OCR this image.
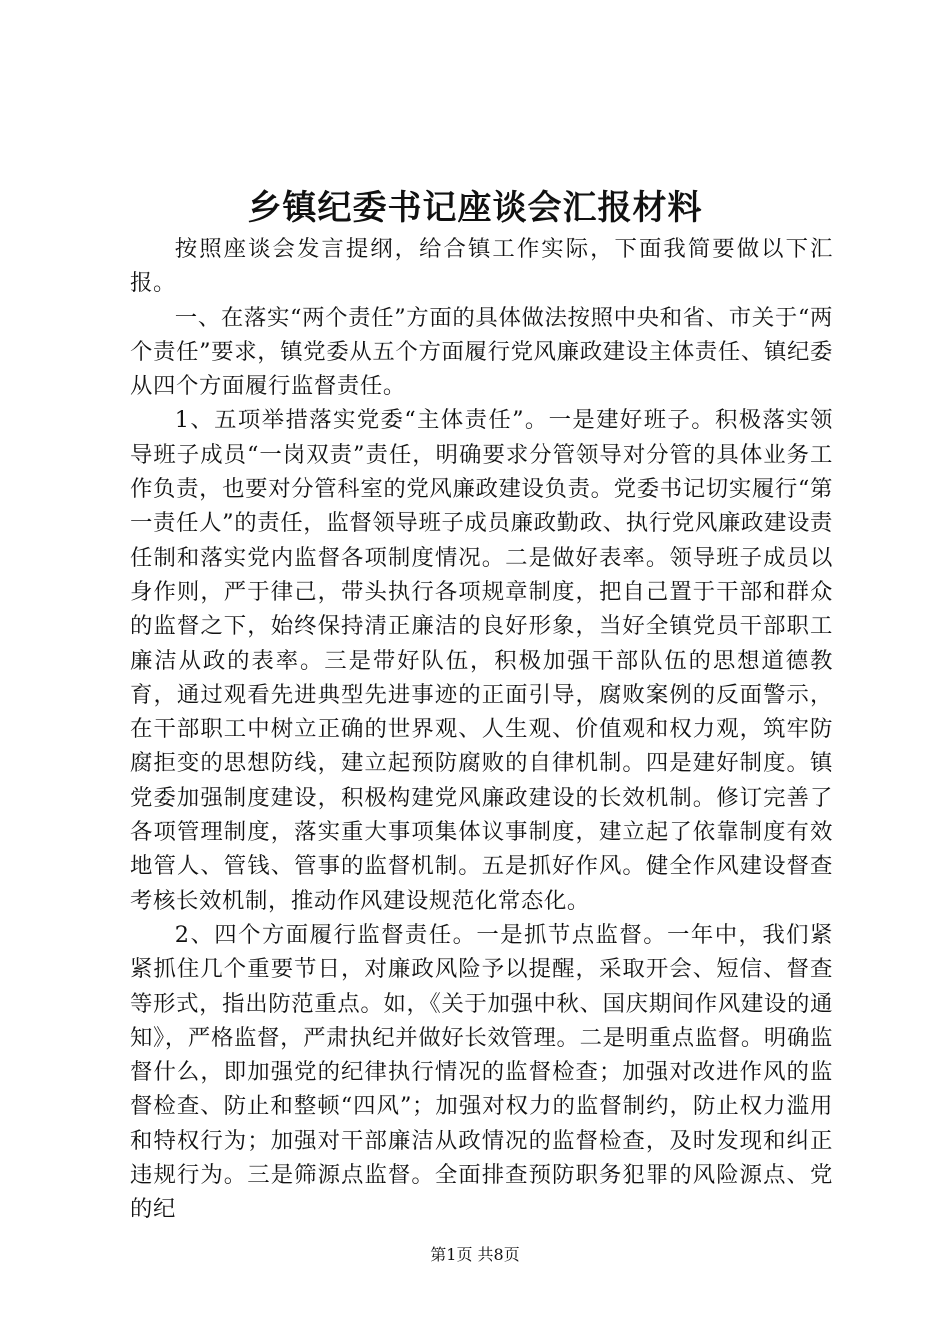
乡镇纪委书记座谈会汇报材料

按照座谈会发言提纲，给合镇工作实际，下面我简要做以下汇报。

一、在落实“两个责任”方面的具体做法按照中央和省、市关于“两个责任”要求，镇党委从五个方面履行党风廉政建设主体责任、镇纪委从四个方面履行监督责任。

1、五项举措落实党委“主体责任”。一是建好班子。积极落实领导班子成员“一岗双责”责任，明确要求分管领导对分管的具体业务工作负责，也要对分管科室的党风廉政建设负责。党委书记切实履行“第一责任人”的责任，监督领导班子成员廉政勤政、执行党风廉政建设责任制和落实党内监督各项制度情况。二是做好表率。领导班子成员以身作则，严于律己，带头执行各项规章制度，把自己置于干部和群众的监督之下，始终保持清正廉洁的良好形象，当好全镇党员干部职工廉洁从政的表率。三是带好队伍，积极加强干部队伍的思想道德教育，通过观看先进典型先进事迹的正面引导，腐败案例的反面警示，在干部职工中树立正确的世界观、人生观、价值观和权力观，筑牢防腐拒变的思想防线，建立起预防腐败的自律机制。四是建好制度。镇党委加强制度建设，积极构建党风廉政建设的长效机制。修订完善了各项管理制度，落实重大事项集体议事制度，建立起了依靠制度有效地管人、管钱、管事的监督机制。五是抓好作风。健全作风建设督查考核长效机制，推动作风建设规范化常态化。

2、四个方面履行监督责任。一是抓节点监督。一年中，我们紧紧抓住几个重要节日，对廉政风险予以提醒，采取开会、短信、督查等形式，指出防范重点。如，《关于加强中秋、国庆期间作风建设的通知》，严格监督，严肃执纪并做好长效管理。二是明重点监督。明确监督什么，即加强党的纪律执行情况的监督检查；加强对改进作风的监督检查、防止和整顿“四风”；加强对权力的监督制约，防止权力滥用和特权行为；加强对干部廉洁从政情况的监督检查，及时发现和纠正违规行为。三是筛源点监督。全面排查预防职务犯罪的风险源点、党的纪

第1页 共8页
